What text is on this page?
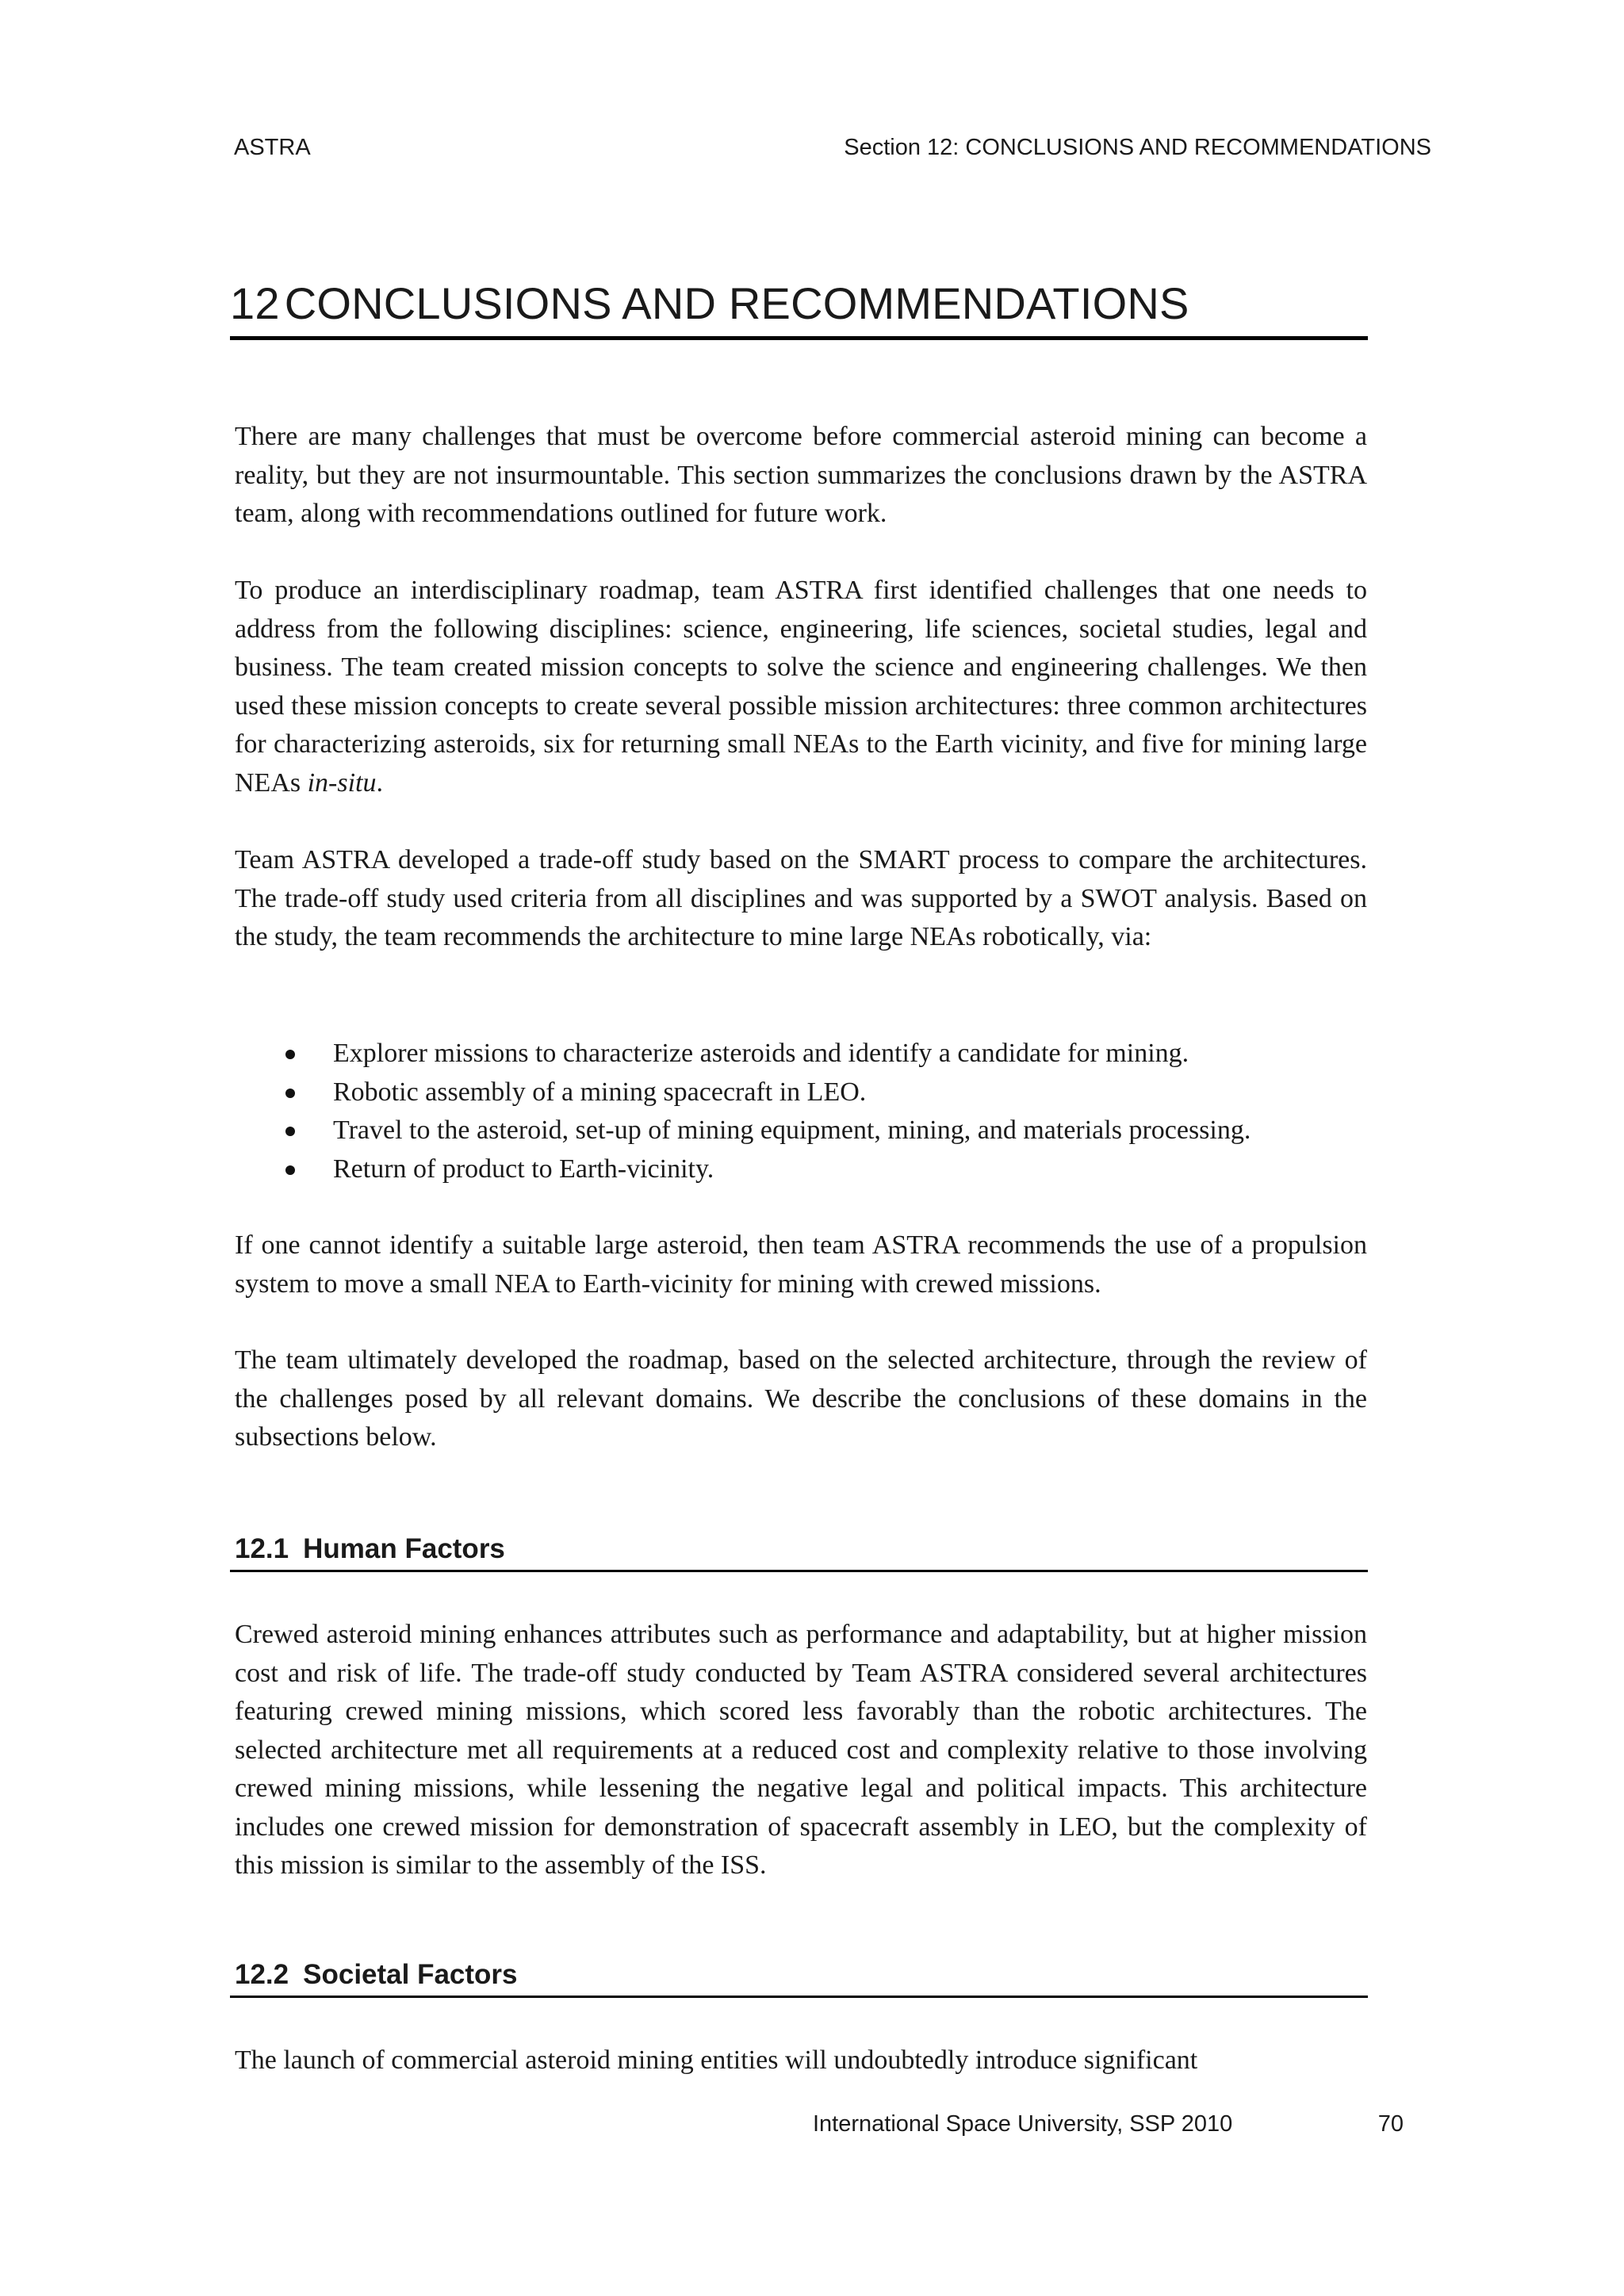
ASTRA	Section 12: CONCLUSIONS AND RECOMMENDATIONS
12 CONCLUSIONS AND RECOMMENDATIONS

There are many challenges that must be overcome before commercial asteroid mining can become a reality, but they are not insurmountable. This section summarizes the conclusions drawn by the ASTRA team, along with recommendations outlined for future work.

To produce an interdisciplinary roadmap, team ASTRA first identified challenges that one needs to address from the following disciplines: science, engineering, life sciences, societal studies, legal and business. The team created mission concepts to solve the science and engineering challenges. We then used these mission concepts to create several possible mission architectures: three common architectures for characterizing asteroids, six for returning small NEAs to the Earth vicinity, and five for mining large NEAs in-situ.

Team ASTRA developed a trade-off study based on the SMART process to compare the architectures. The trade-off study used criteria from all disciplines and was supported by a SWOT analysis. Based on the study, the team recommends the architecture to mine large NEAs robotically, via:

Explorer missions to characterize asteroids and identify a candidate for mining.
Robotic assembly of a mining spacecraft in LEO.
Travel to the asteroid, set-up of mining equipment, mining, and materials processing.
Return of product to Earth-vicinity.

If one cannot identify a suitable large asteroid, then team ASTRA recommends the use of a propulsion system to move a small NEA to Earth-vicinity for mining with crewed missions.

The team ultimately developed the roadmap, based on the selected architecture, through the review of the challenges posed by all relevant domains. We describe the conclusions of these domains in the subsections below.

12.1 Human Factors

Crewed asteroid mining enhances attributes such as performance and adaptability, but at higher mission cost and risk of life. The trade-off study conducted by Team ASTRA considered several architectures featuring crewed mining missions, which scored less favorably than the robotic architectures. The selected architecture met all requirements at a reduced cost and complexity relative to those involving crewed mining missions, while lessening the negative legal and political impacts. This architecture includes one crewed mission for demonstration of spacecraft assembly in LEO, but the complexity of this mission is similar to the assembly of the ISS.

12.2 Societal Factors

The launch of commercial asteroid mining entities will undoubtedly introduce significant

International Space University, SSP 2010	70
